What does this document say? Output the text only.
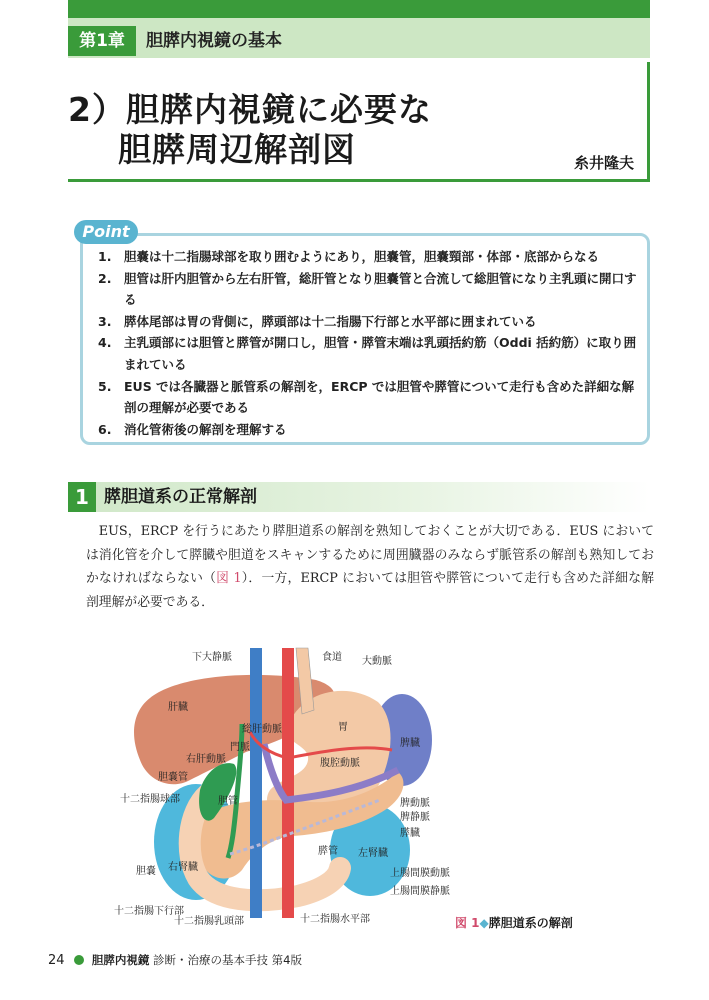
第1章	胆膵内視鏡の基本
2）胆膵内視鏡に必要な
胆膵周辺解剖図	糸井隆夫
Point
1. 胆嚢は十二指腸球部を取り囲むようにあり，胆嚢管，胆嚢頸部・体部・底部からなる
2. 胆管は肝内胆管から左右肝管，総肝管となり胆嚢管と合流して総胆管になり主乳頭に開口する
3. 膵体尾部は胃の背側に，膵頭部は十二指腸下行部と水平部に囲まれている
4. 主乳頭部には胆管と膵管が開口し，胆管・膵管末端は乳頭括約筋（Oddi 括約筋）に取り囲まれている
5. EUS では各臓器と脈管系の解剖を，ERCP では胆管や膵管について走行も含めた詳細な解剖の理解が必要である
6. 消化管術後の解剖を理解する
1 膵胆道系の正常解剖

EUS，ERCP を行うにあたり膵胆道系の解剖を熟知しておくことが大切である．EUS においては消化管を介して膵臓や胆道をスキャンするために周囲臓器のみならず脈管系の解剖も熟知しておかなければならない（図 1）．一方，ERCP においては胆管や膵管について走行も含めた詳細な解剖理解が必要である．

下大静脈	食道 大動脈
肝臓
総肝動脈	胃
門脈
右肝動脈
脾臓
腹腔動脈
胆嚢管
十二指腸球部	胆管	脾動脈
脾静脈
膵臓
膵管 左腎臓
胆嚢 右腎臓
上腸間膜動脈
上腸間膜静脈
十二指腸下行部
十二指腸乳頭部	十二指腸水平部	図 1◆膵胆道系の解剖
24 胆膵内視鏡 診断・治療の基本手技 第4版
